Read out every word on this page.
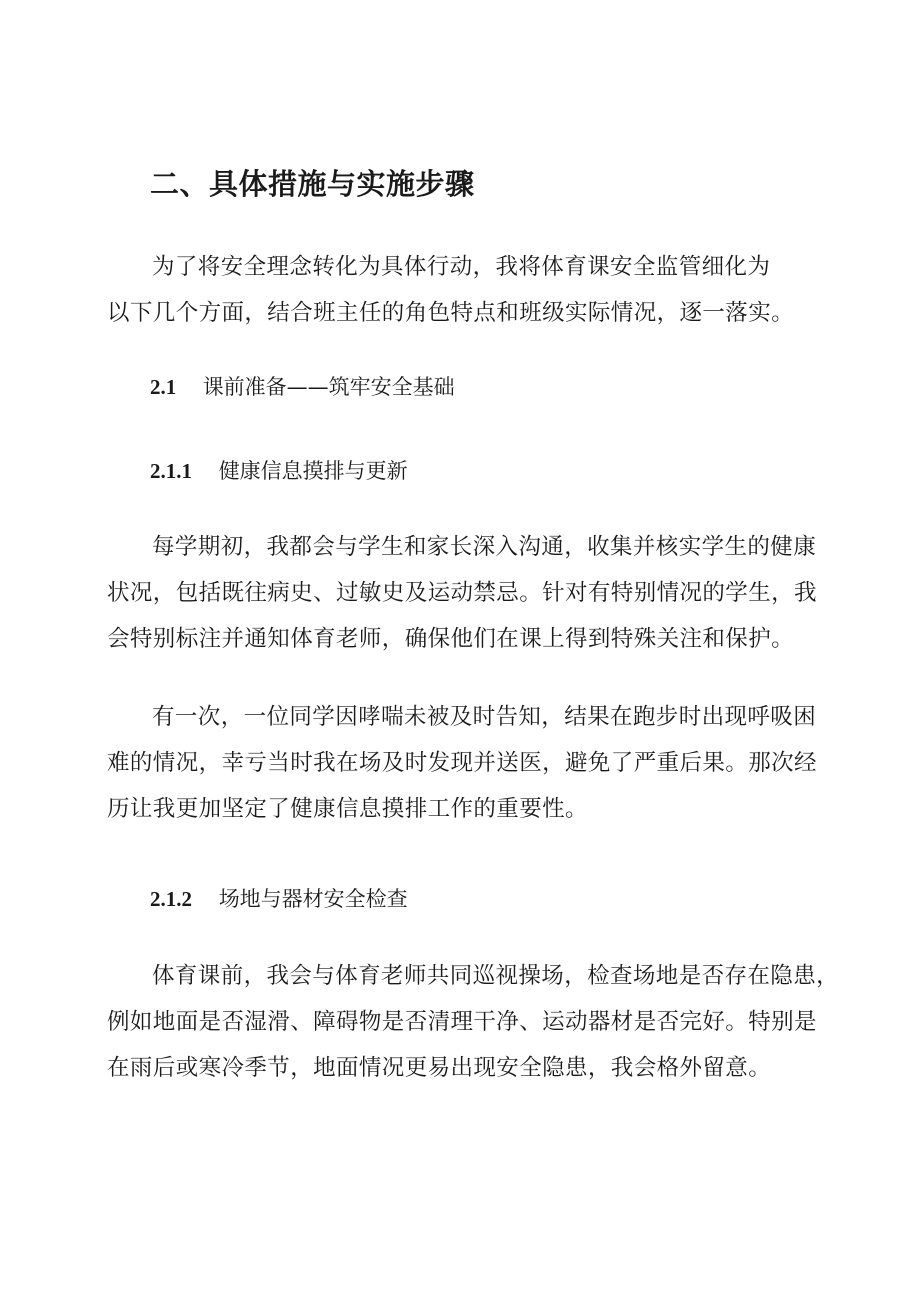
二、具体措施与实施步骤
为了将安全理念转化为具体行动，我将体育课安全监管细化为
以下几个方面，结合班主任的角色特点和班级实际情况，逐一落实。
2.1 课前准备——筑牢安全基础
2.1.1 健康信息摸排与更新
每学期初，我都会与学生和家长深入沟通，收集并核实学生的健康
状况，包括既往病史、过敏史及运动禁忌。针对有特别情况的学生，我
会特别标注并通知体育老师，确保他们在课上得到特殊关注和保护。
有一次，一位同学因哮喘未被及时告知，结果在跑步时出现呼吸困
难的情况，幸亏当时我在场及时发现并送医，避免了严重后果。那次经
历让我更加坚定了健康信息摸排工作的重要性。
2.1.2 场地与器材安全检查
体育课前，我会与体育老师共同巡视操场，检查场地是否存在隐患，
例如地面是否湿滑、障碍物是否清理干净、运动器材是否完好。特别是
在雨后或寒冷季节，地面情况更易出现安全隐患，我会格外留意。
